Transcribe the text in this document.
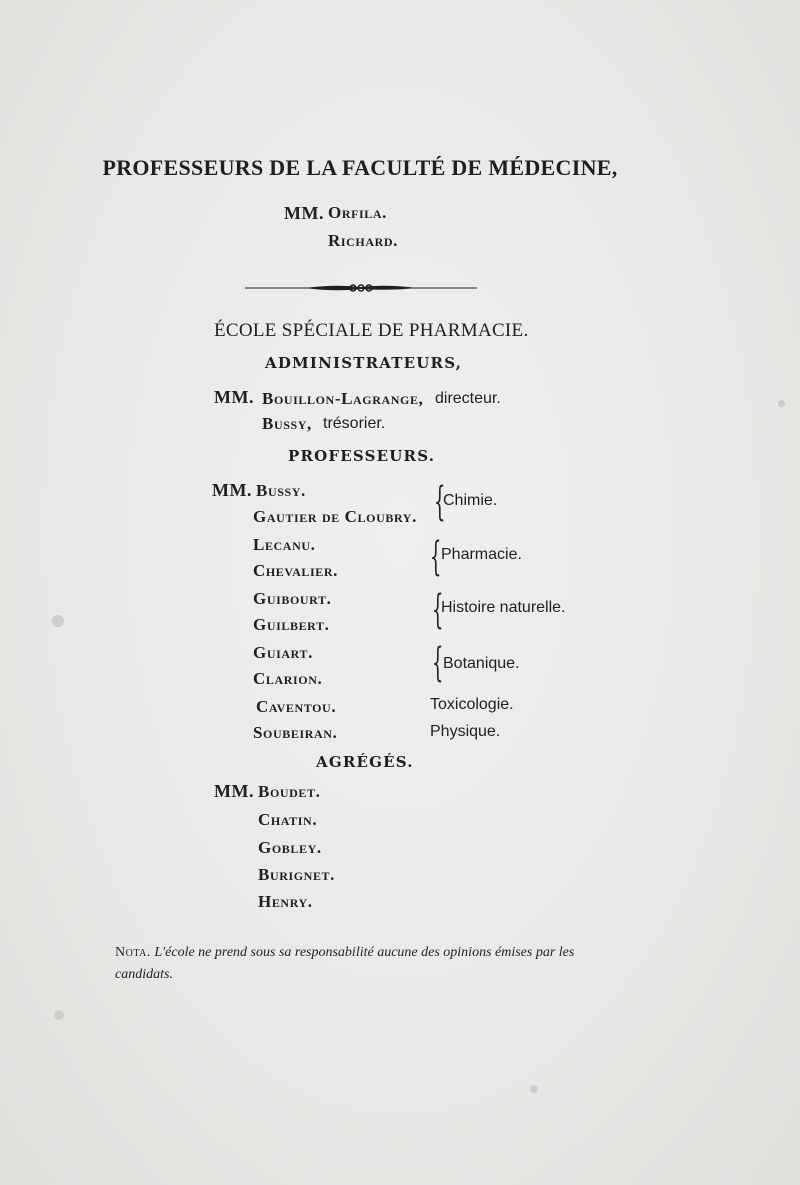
PROFESSEURS DE LA FACULTÉ DE MÉDECINE,
MM. Orfila.
Richard.
ÉCOLE SPÉCIALE DE PHARMACIE.
ADMINISTRATEURS,
MM. Bouillon-Lagrange, directeur.
Bussy, trésorier.
PROFESSEURS.
MM. Bussy.
Gautier de Cloubry.
Lecanu.
Chevalier.
Guibourt.
Guilbert.
Guiart.
Clarion.
Caventou.
Soubeiran.
{
{
{
{
Chimie.
Pharmacie.
Histoire naturelle.
Botanique.
Toxicologie.
Physique.
AGRÉGÉS.
MM. Boudet.
Chatin.
Gobley.
Burignet.
Henry.
Nota. L'école ne prend sous sa responsabilité aucune des opinions émises par les
candidats.
